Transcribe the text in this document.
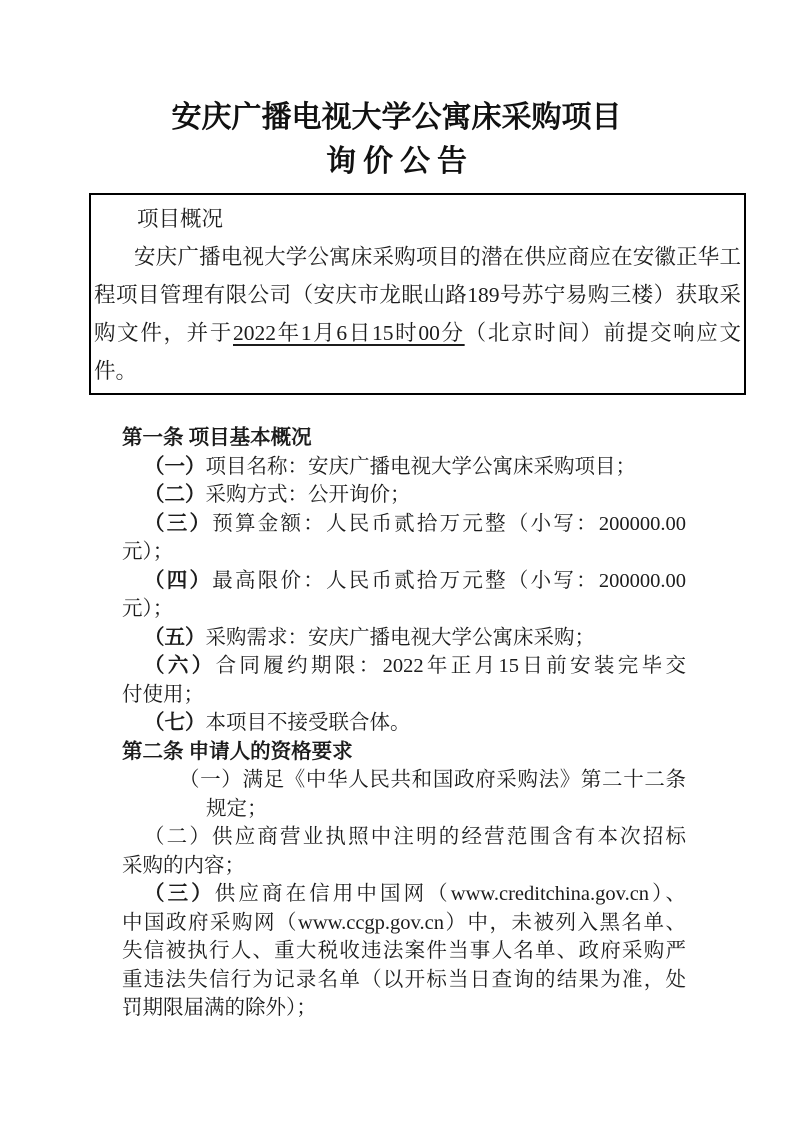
安庆广播电视大学公寓床采购项目
询价公告
项目概况
安庆广播电视大学公寓床采购项目的潜在供应商应在安徽正华工
程项目管理有限公司（安庆市龙眠山路189号苏宁易购三楼）获取采
购文件，并于2022年1月6日15时00分（北京时间）前提交响应文
件。
第一条 项目基本概况
（一）项目名称：安庆广播电视大学公寓床采购项目；
（二）采购方式：公开询价；
（三）预算金额：人民币贰拾万元整（小写：200000.00
元）；
（四）最高限价：人民币贰拾万元整（小写：200000.00
元）；
（五）采购需求：安庆广播电视大学公寓床采购；
（六）合同履约期限：2022年正月15日前安装完毕交
付使用；
（七）本项目不接受联合体。
第二条 申请人的资格要求
（一）满足《中华人民共和国政府采购法》第二十二条
规定；
（二）供应商营业执照中注明的经营范围含有本次招标
采购的内容；
（三）供应商在信用中国网（www.creditchina.gov.cn）、
中国政府采购网（www.ccgp.gov.cn）中，未被列入黑名单、
失信被执行人、重大税收违法案件当事人名单、政府采购严
重违法失信行为记录名单（以开标当日查询的结果为准，处
罚期限届满的除外）；
